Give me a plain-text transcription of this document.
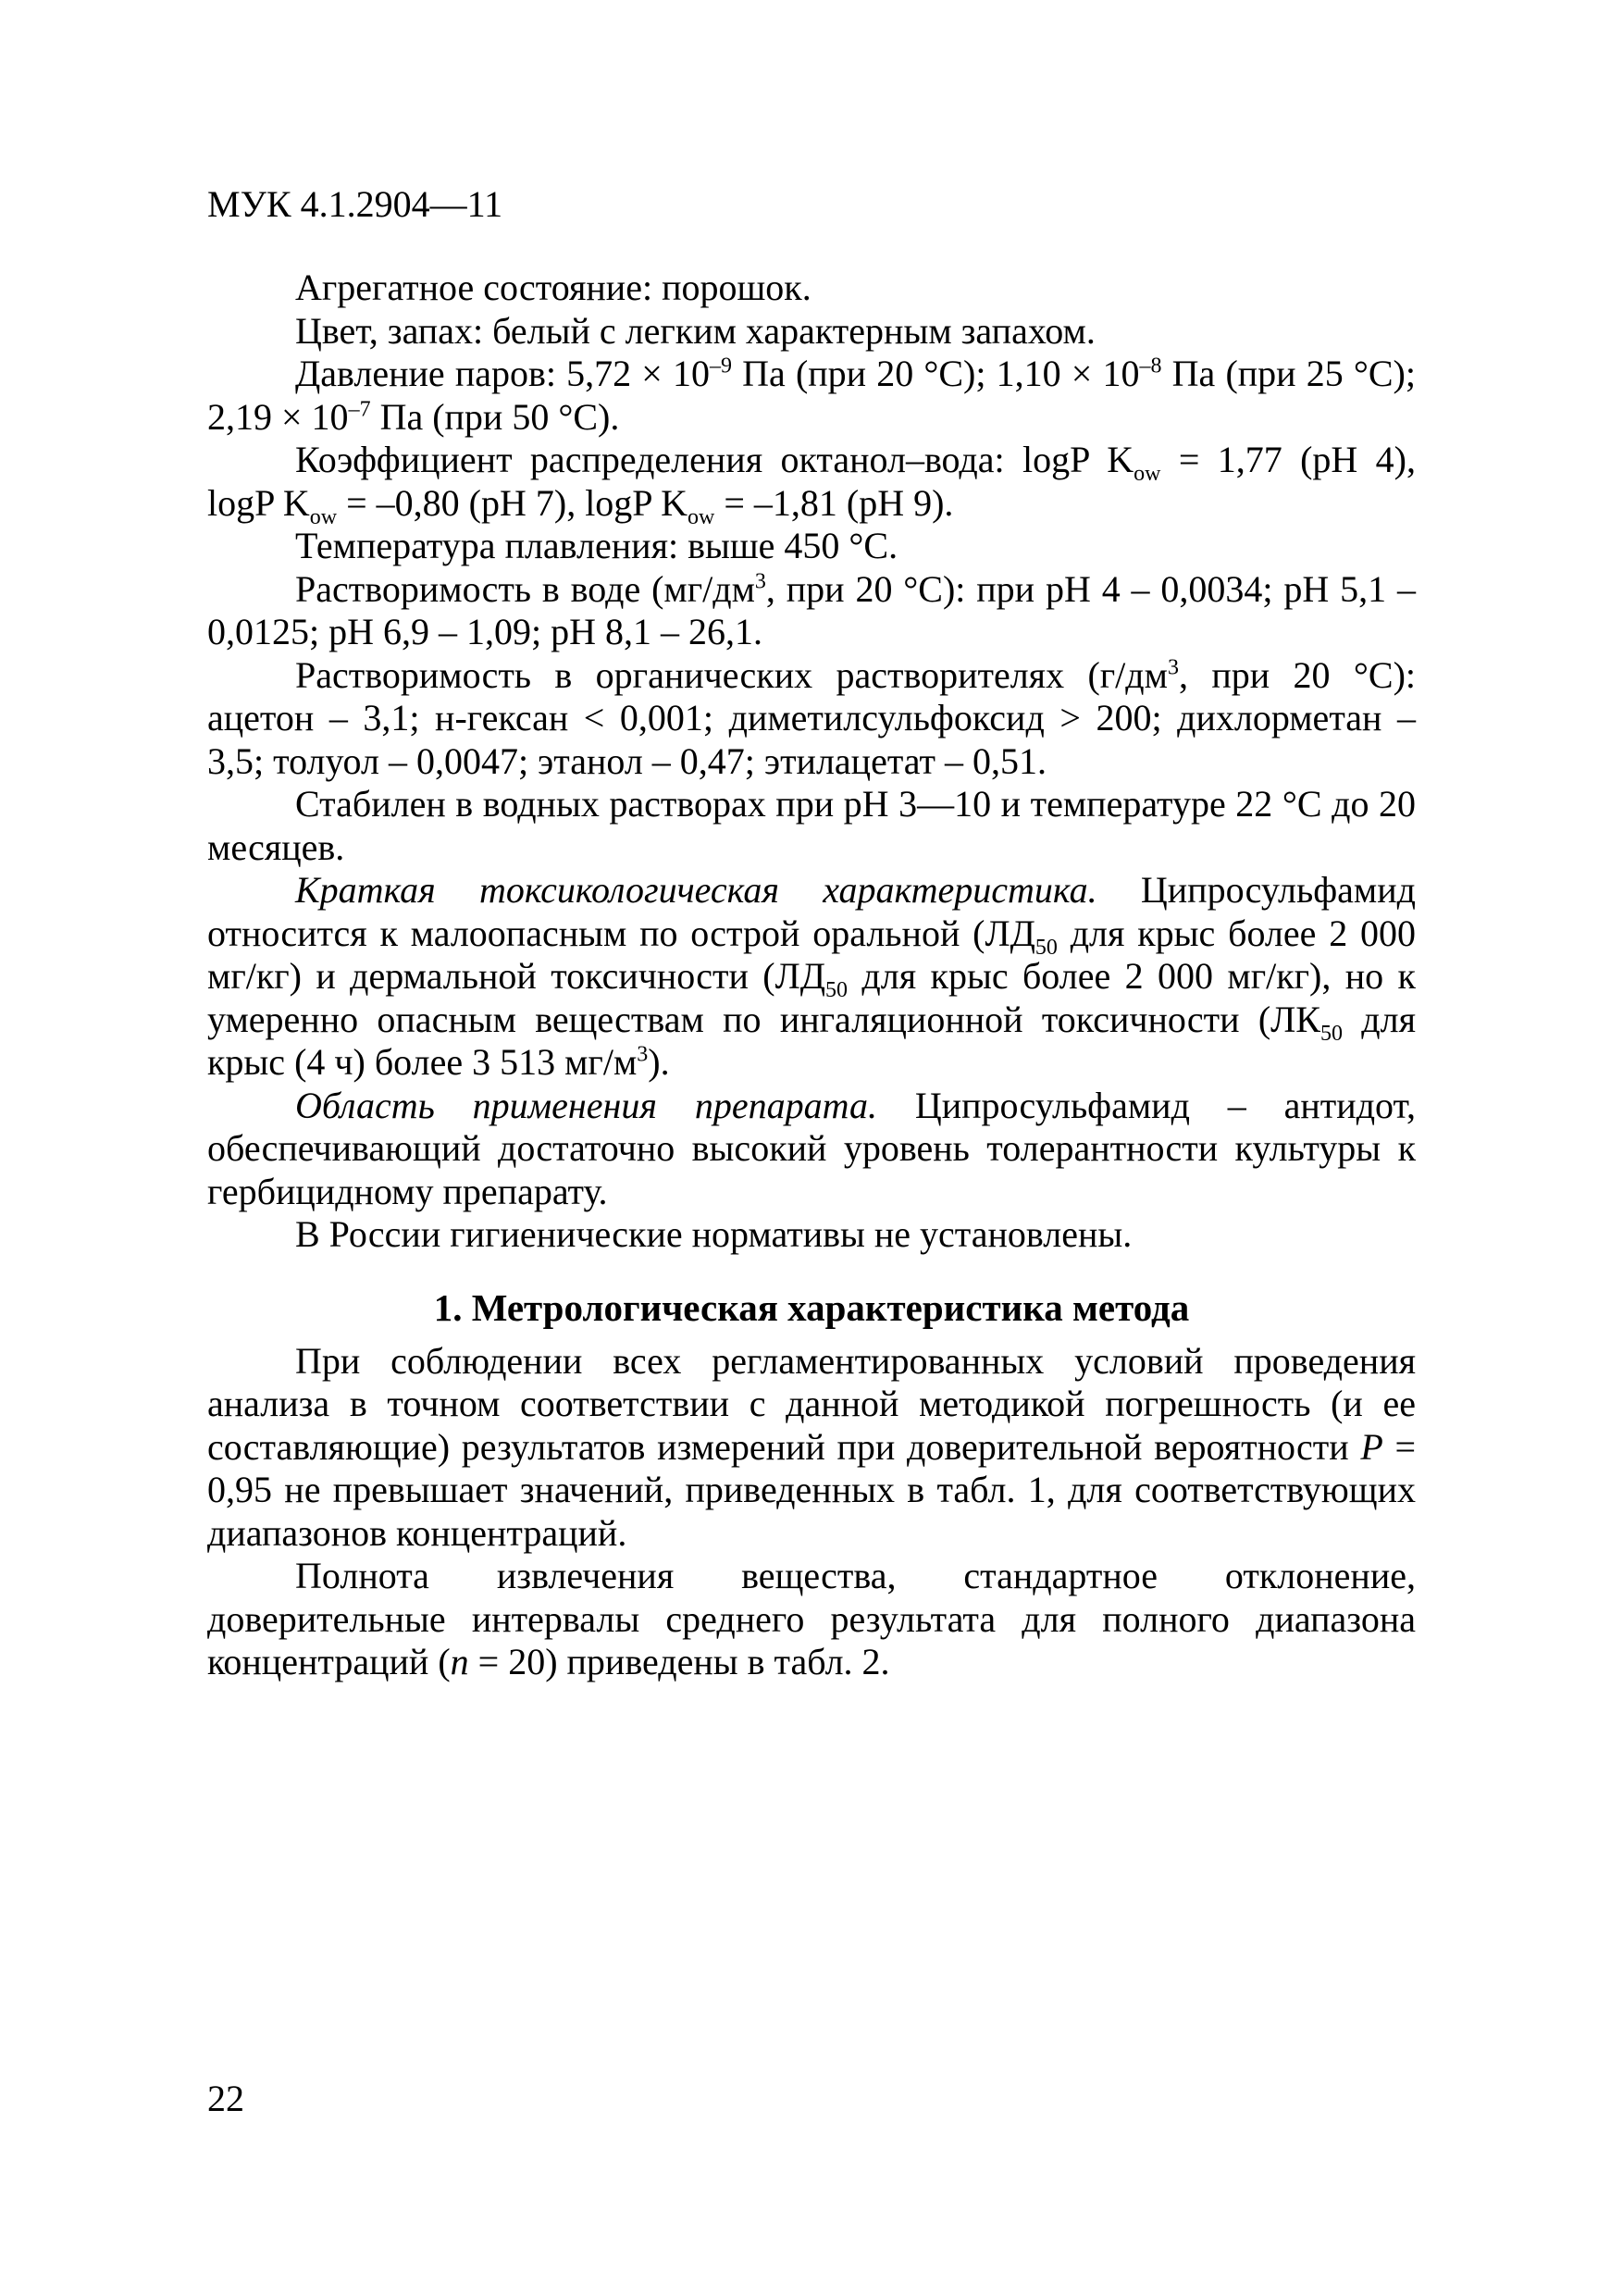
МУК 4.1.2904—11

Агрегатное состояние: порошок.

Цвет, запах: белый с легким характерным запахом.

Давление паров: $5,72 \times 10^{-9}$ Па (при 20 °С); $1,10 \times 10^{-8}$ Па (при 25 °С); $2,19 \times 10^{-7}$ Па (при 50 °С).

Коэффициент распределения октанол–вода: logP $K_{ow} = 1,77$ (pH 4), logP $K_{ow} = -0,80$ (pH 7), logP $K_{ow} = -1,81$ (pH 9).

Температура плавления: выше 450 °С.

Растворимость в воде ($мг/дм^3$, при 20 °С): при pH 4 – 0,0034; pH 5,1 – 0,0125; pH 6,9 – 1,09; pH 8,1 – 26,1.

Растворимость в органических растворителях ($г/дм^3$, при 20 °С): ацетон – 3,1; н-гексан < 0,001; диметилсульфоксид > 200; дихлорметан – 3,5; толуол – 0,0047; этанол – 0,47; этилацетат – 0,51.

Стабилен в водных растворах при pH 3—10 и температуре 22 °С до 20 месяцев.

Краткая токсикологическая характеристика. Ципросульфамид относится к малоопасным по острой оральной ($ЛД_{50}$ для крыс более 2 000 мг/кг) и дермальной токсичности ($ЛД_{50}$ для крыс более 2 000 мг/кг), но к умеренно опасным веществам по ингаляционной токсичности ($ЛК_{50}$ для крыс (4 ч) более 3 513 $мг/м^3$).

Область применения препарата. Ципросульфамид – антидот, обеспечивающий достаточно высокий уровень толерантности культуры к гербицидному препарату.

В России гигиенические нормативы не установлены.

1. Метрологическая характеристика метода

При соблюдении всех регламентированных условий проведения анализа в точном соответствии с данной методикой погрешность (и ее составляющие) результатов измерений при доверительной вероятности P = 0,95 не превышает значений, приведенных в табл. 1, для соответствующих диапазонов концентраций.

Полнота извлечения вещества, стандартное отклонение, доверительные интервалы среднего результата для полного диапазона концентраций (n = 20) приведены в табл. 2.

22
